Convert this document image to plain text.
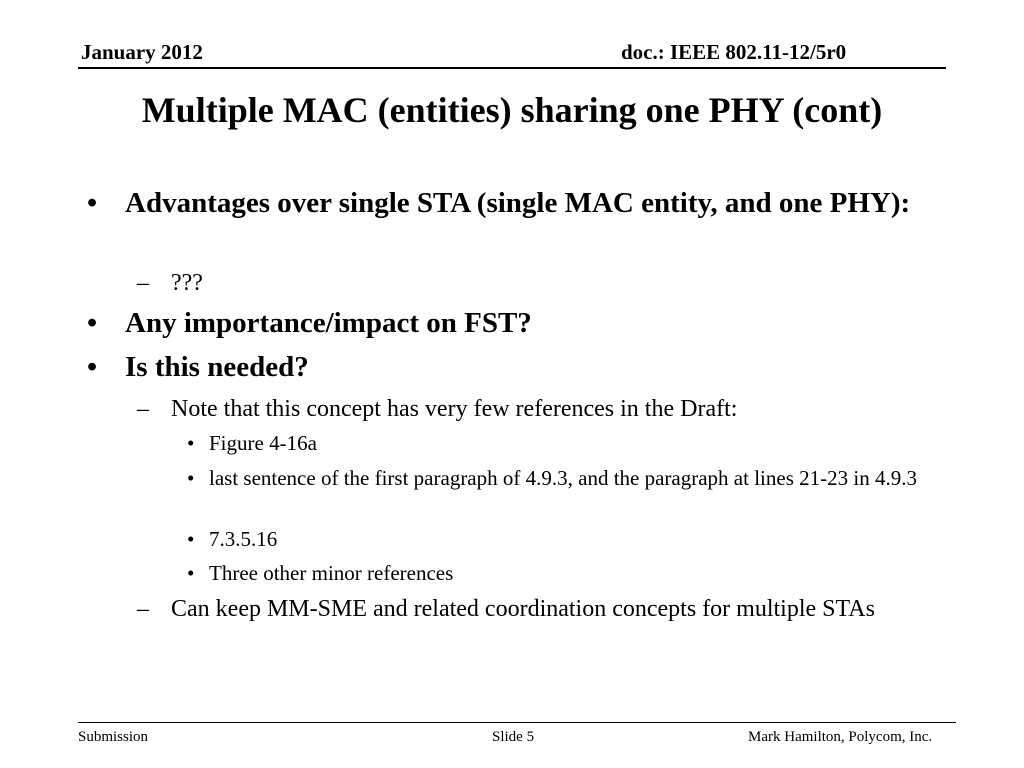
January 2012	doc.: IEEE 802.11-12/5r0
Multiple MAC (entities) sharing one PHY (cont)
• Advantages over single STA (single MAC entity, and one PHY):
– ???
• Any importance/impact on FST?
• Is this needed?
– Note that this concept has very few references in the Draft:
• Figure 4-16a
• last sentence of the first paragraph of 4.9.3, and the paragraph at lines 21-23 in 4.9.3
• 7.3.5.16
• Three other minor references
– Can keep MM-SME and related coordination concepts for multiple STAs
Submission	Slide 5	Mark Hamilton, Polycom, Inc.
